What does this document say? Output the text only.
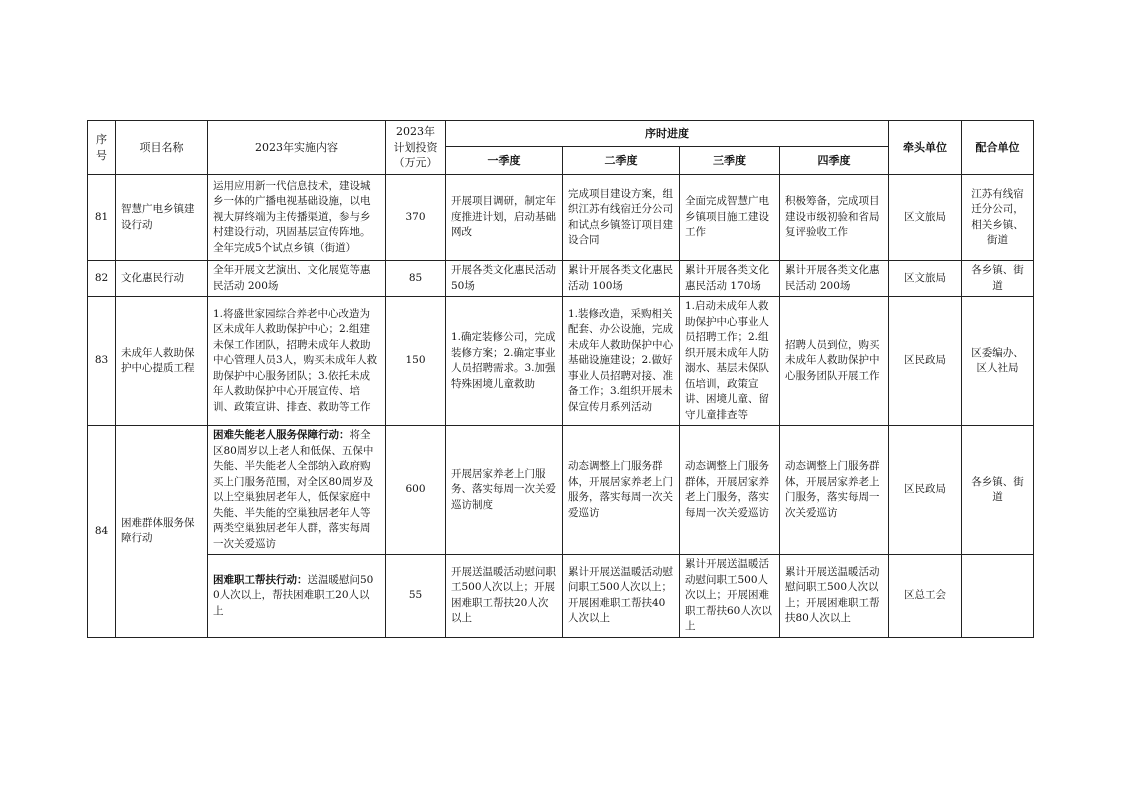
序号	项目名称	2023年实施内容	2023年计划投资（万元）	序时进度				牵头单位	配合单位
				一季度	二季度	三季度	四季度		
81	智慧广电乡镇建设行动	运用应用新一代信息技术，建设城乡一体的广播电视基础设施，以电视大屏终端为主传播渠道，参与乡村建设行动，巩固基层宣传阵地。全年完成5个试点乡镇（街道）	370	开展项目调研，制定年度推进计划，启动基础网改	完成项目建设方案，组织江苏有线宿迁分公司和试点乡镇签订项目建设合同	全面完成智慧广电乡镇项目施工建设工作	积极筹备，完成项目建设市级初验和省局复评验收工作	区文旅局	江苏有线宿迁分公司，相关乡镇、街道
82	文化惠民行动	全年开展文艺演出、文化展览等惠民活动 200场	85	开展各类文化惠民活动 50场	累计开展各类文化惠民活动 100场	累计开展各类文化惠民活动 170场	累计开展各类文化惠民活动 200场	区文旅局	各乡镇、街道
83	未成年人救助保护中心提质工程	1.将盛世家园综合养老中心改造为区未成年人救助保护中心；2.组建未保工作团队，招聘未成年人救助中心管理人员3人，购买未成年人救助保护中心服务团队；3.依托未成年人救助保护中心开展宣传、培训、政策宣讲、排查、救助等工作	150	1.确定装修公司，完成装修方案；2.确定事业人员招聘需求。3.加强特殊困境儿童救助	1.装修改造，采购相关配套、办公设施，完成未成年人救助保护中心基础设施建设；2.做好事业人员招聘对接、准备工作；3.组织开展未保宣传月系列活动	1.启动未成年人救助保护中心事业人员招聘工作；2.组织开展未成年人防溺水、基层未保队伍培训，政策宣讲、困境儿童、留守儿童排查等	招聘人员到位，购买未成年人救助保护中心服务团队开展工作	区民政局	区委编办、区人社局
84	困难群体服务保障行动	困难失能老人服务保障行动：将全区80周岁以上老人和低保、五保中失能、半失能老人全部纳入政府购买上门服务范围，对全区80周岁及以上空巢独居老年人，低保家庭中失能、半失能的空巢独居老年人等两类空巢独居老年人群，落实每周一次关爱巡访	600	开展居家养老上门服务、落实每周一次关爱巡访制度	动态调整上门服务群体，开展居家养老上门服务，落实每周一次关爱巡访	动态调整上门服务群体，开展居家养老上门服务，落实每周一次关爱巡访	动态调整上门服务群体，开展居家养老上门服务，落实每周一次关爱巡访	区民政局	各乡镇、街道
		困难职工帮扶行动：送温暖慰问500人次以上，帮扶困难职工20人以上	55	开展送温暖活动慰问职工500人次以上；开展困难职工帮扶20人次以上	累计开展送温暖活动慰问职工500人次以上；开展困难职工帮扶40人次以上	累计开展送温暖活动慰问职工500人次以上；开展困难职工帮扶60人次以上	累计开展送温暖活动慰问职工500人次以上；开展困难职工帮扶80人次以上	区总工会	
